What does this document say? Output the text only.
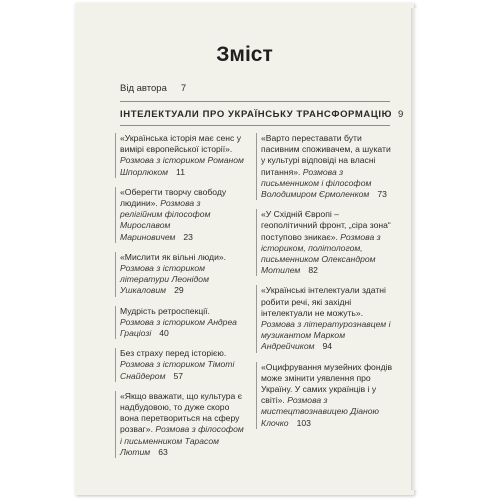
Зміст
Від автора 7
ІНТЕЛЕКТУАЛИ ПРО УКРАЇНСЬКУ ТРАНСФОРМАЦІЮ 9
«Українська історія має сенс у вимірі європейської історії». Розмова з істориком Романом Шпорлюком 11
«Оберегти творчу свободу людини». Розмова з релігійним філософом Мирославом Мариновичем 23
«Мислити як вільні люди». Розмова з істориком літератури Леонідом Ушкаловим 29
Мудрість ретроспекції. Розмова з істориком Андреа Граціозі 40
Без страху перед історією. Розмова з істориком Тімоті Снайдером 57
«Якщо вважати, що культура є надбудовою, то дуже скоро вона перетвориться на сферу розваг». Розмова з філософом і письменником Тарасом Лютим 63
«Варто переставати бути пасивним споживачем, а шукати у культурі відповіді на власні питання». Розмова з письменником і філософом Володимиром Єрмоленком 73
«У Східній Європі – геополітичний фронт, „сіра зона“ поступово зникає». Розмова з істориком, політологом, письменником Олександром Мотилем 82
«Українські інтелектуали здатні робити речі, які західні інтелектуали не можуть». Розмова з літературознавцем і музикантом Марком Андрейчиком 94
«Оцифрування музейних фондів може змінити уявлення про Україну. У самих українців і у світі». Розмова з мистецтвознавицею Діаною Клочко 103
